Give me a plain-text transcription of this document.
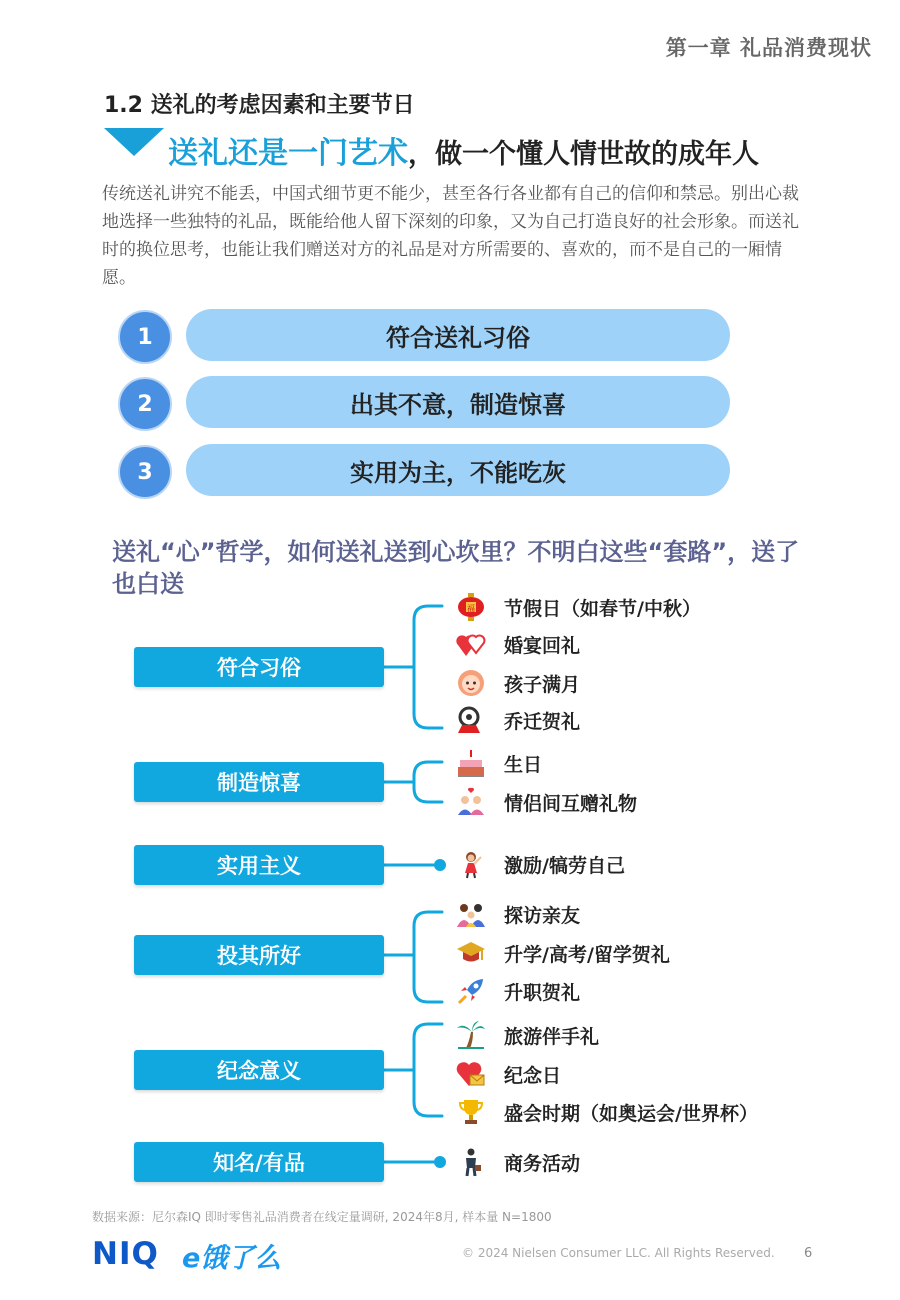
第一章 礼品消费现状
1.2 送礼的考虑因素和主要节日
送礼还是一门艺术，做一个懂人情世故的成年人
传统送礼讲究不能丢，中国式细节更不能少，甚至各行各业都有自己的信仰和禁忌。别出心裁地选择一些独特的礼品，既能给他人留下深刻的印象，又为自己打造良好的社会形象。而送礼时的换位思考，也能让我们赠送对方的礼品是对方所需要的、喜欢的，而不是自己的一厢情愿。
1	符合送礼习俗
2	出其不意，制造惊喜
3	实用为主，不能吃灰
送礼“心”哲学，如何送礼送到心坎里？不明白这些“套路”，送了也白送
符合习俗
制造惊喜
实用主义
投其所好
纪念意义
知名/有品
福 节假日（如春节/中秋）
婚宴回礼
孩子满月
乔迁贺礼
生日
情侣间互赠礼物
激励/犒劳自己
探访亲友
升学/高考/留学贺礼
升职贺礼
旅游伴手礼
纪念日
盛会时期（如奥运会/世界杯）
商务活动
数据来源：尼尔森IQ 即时零售礼品消费者在线定量调研, 2024年8月, 样本量 N=1800
NIQ e饿了么	© 2024 Nielsen Consumer LLC. All Rights Reserved. 6
